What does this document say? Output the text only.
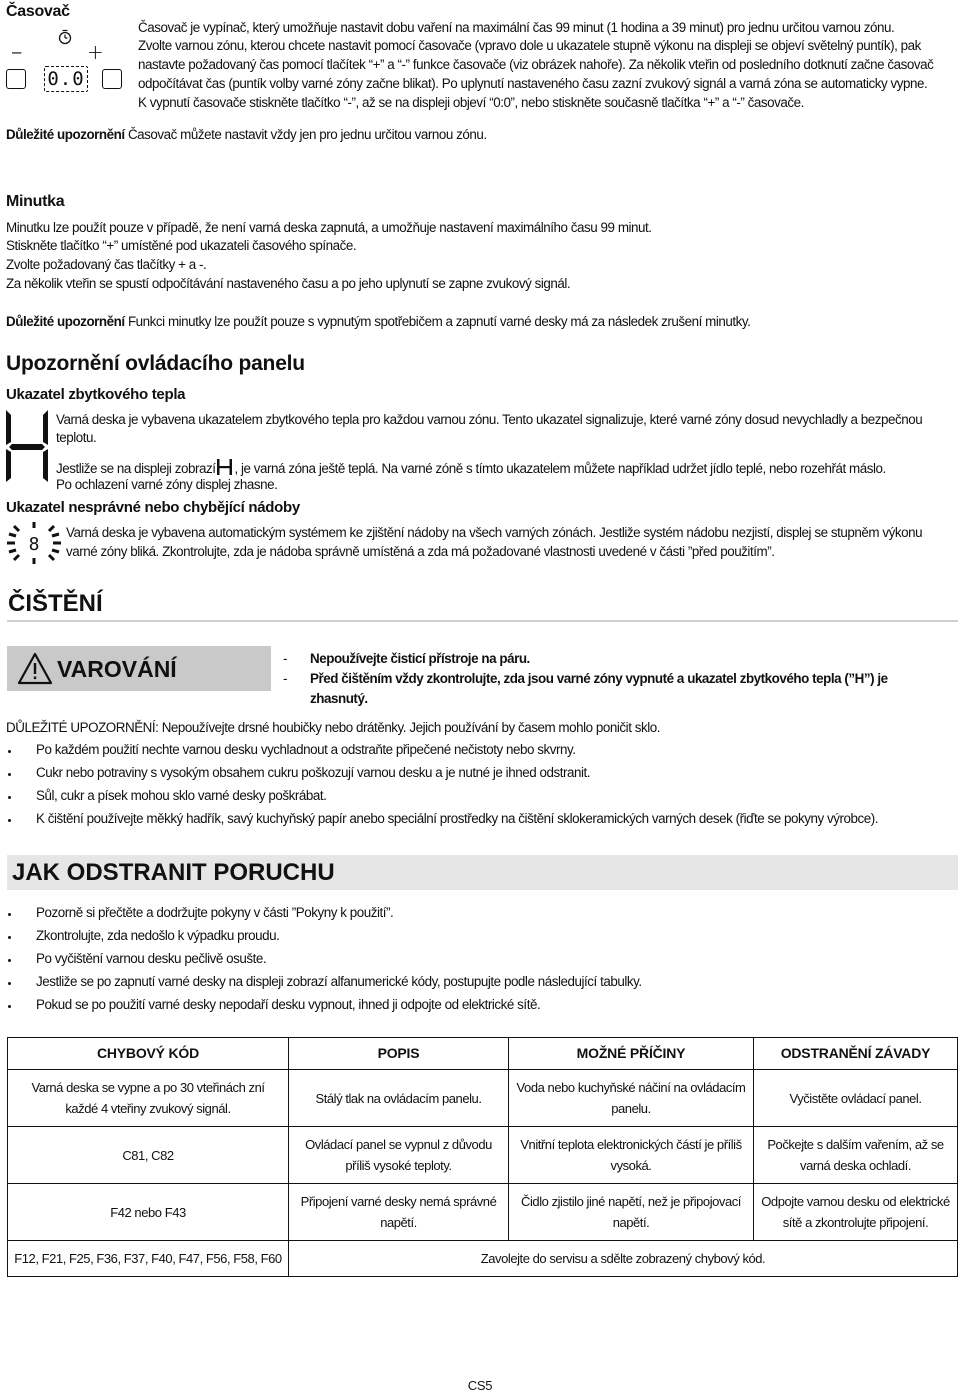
Časovač
–	+
0.0
Časovač je vypínač, který umožňuje nastavit dobu vaření na maximální čas 99 minut (1 hodina a 39 minut) pro jednu určitou varnou zónu.
Zvolte varnou zónu, kterou chcete nastavit pomocí časovače (vpravo dole u ukazatele stupně výkonu na displeji se objeví světelný puntík), pak
nastavte požadovaný čas pomocí tlačítek “+” a “-” funkce časovače (viz obrázek nahoře). Za několik vteřin od posledního dotknutí začne časovač
odpočítávat čas (puntík volby varné zóny začne blikat). Po uplynutí nastaveného času zazní zvukový signál a varná zóna se automaticky vypne.
K vypnutí časovače stiskněte tlačítko “-”, až se na displeji objeví “0:0”, nebo stiskněte současně tlačítka “+” a “-” časovače.
Důležité upozornění Časovač můžete nastavit vždy jen pro jednu určitou varnou zónu.
Minutka
Minutku lze použít pouze v případě, že není varná deska zapnutá, a umožňuje nastavení maximálního času 99 minut.
Stiskněte tlačítko “+” umístěné pod ukazateli časového spínače.
Zvolte požadovaný čas tlačítky + a -.
Za několik vteřin se spustí odpočítávání nastaveného času a po jeho uplynutí se zapne zvukový signál.
Důležité upozornění Funkci minutky lze použít pouze s vypnutým spotřebičem a zapnutí varné desky má za následek zrušení minutky.
Upozornění ovládacího panelu
Ukazatel zbytkového tepla
Varná deska je vybavena ukazatelem zbytkového tepla pro každou varnou zónu. Tento ukazatel signalizuje, které varné zóny dosud nevychladly a bezpečnou
teplotu.
Jestliže se na displeji zobrazí , je varná zóna ještě teplá. Na varné zóně s tímto ukazatelem můžete například udržet jídlo teplé, nebo rozehřát máslo.
Po ochlazení varné zóny displej zhasne.
Ukazatel nesprávné nebo chybějící nádoby
8
Varná deska je vybavena automatickým systémem ke zjištění nádoby na všech varných zónách. Jestliže systém nádobu nezjistí, displej se stupněm výkonu
varné zóny bliká. Zkontrolujte, zda je nádoba správně umístěná a zda má požadované vlastnosti uvedené v části ”před použitím”.
ČIŠTĚNÍ
VAROVÁNÍ	- Nepoužívejte čisticí přístroje na páru.
- Před čištěním vždy zkontrolujte, zda jsou varné zóny vypnuté a ukazatel zbytkového tepla (”H”) je
zhasnutý.
DŮLEŽITÉ UPOZORNĚNÍ: Nepoužívejte drsné houbičky nebo drátěnky. Jejich používání by časem mohlo poničit sklo.
Po každém použití nechte varnou desku vychladnout a odstraňte připečené nečistoty nebo skvrny.
Cukr nebo potraviny s vysokým obsahem cukru poškozují varnou desku a je nutné je ihned odstranit.
Sůl, cukr a písek mohou sklo varné desky poškrábat.
K čištění používejte měkký hadřík, savý kuchyňský papír anebo speciální prostředky na čištění sklokeramických varných desek (řiďte se pokyny výrobce).
JAK ODSTRANIT PORUCHU
Pozorně si přečtěte a dodržujte pokyny v části ”Pokyny k použití”.
Zkontrolujte, zda nedošlo k výpadku proudu.
Po vyčištění varnou desku pečlivě osušte.
Jestliže se po zapnutí varné desky na displeji zobrazí alfanumerické kódy, postupujte podle následující tabulky.
Pokud se po použití varné desky nepodaří desku vypnout, ihned ji odpojte od elektrické sítě.
CHYBOVÝ KÓD	POPIS	MOŽNÉ PŘÍČINY	ODSTRANĚNÍ ZÁVADY
Varná deska se vypne a po 30 vteřinách zní každé 4 vteřiny zvukový signál.	Stálý tlak na ovládacím panelu.	Voda nebo kuchyňské náčiní na ovládacím panelu.	Vyčistěte ovládací panel.
C81, C82	Ovládací panel se vypnul z důvodu příliš vysoké teploty.	Vnitřní teplota elektronických částí je příliš vysoká.	Počkejte s dalším vařením, až se varná deska ochladí.
F42 nebo F43	Připojení varné desky nemá správné napětí.	Čidlo zjistilo jiné napětí, než je připojovací napětí.	Odpojte varnou desku od elektrické sítě a zkontrolujte připojení.
F12, F21, F25, F36, F37, F40, F47, F56, F58, F60	Zavolejte do servisu a sdělte zobrazený chybový kód.		
CS5
